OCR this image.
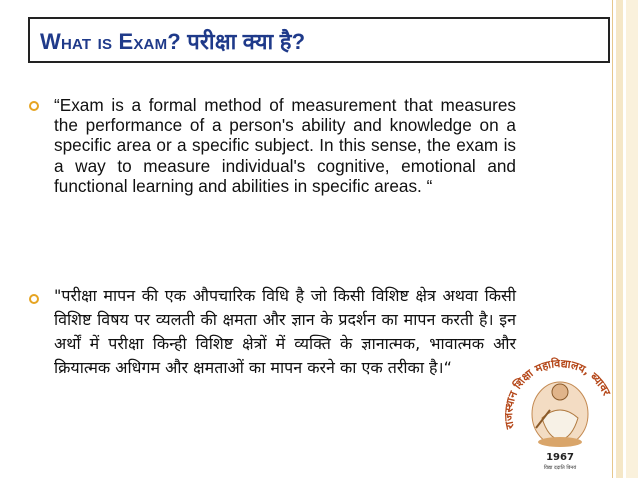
What is Exam? परीक्षा क्या है?

“Exam is a formal method of measurement that measures the performance of a person's ability and knowledge on a specific area or a specific subject. In this sense, the exam is a way to measure individual's cognitive, emotional and functional learning and abilities in specific areas. “

"परीक्षा मापन की एक औपचारिक विधि है जो किसी विशिष्ट क्षेत्र अथवा किसी विशिष्ट विषय पर व्यलती की क्षमता और ज्ञान के प्रदर्शन का मापन करती है। इन अर्थों में परीक्षा किन्ही विशिष्ट क्षेत्रों में व्यक्ति के ज्ञानात्मक, भावात्मक और क्रियात्मक अधिगम और क्षमताओं का मापन करने का एक तरीका है।“

राजस्थान शिक्षा महाविद्यालय, ब्यावर
1967
विद्या ददाति विनयं
